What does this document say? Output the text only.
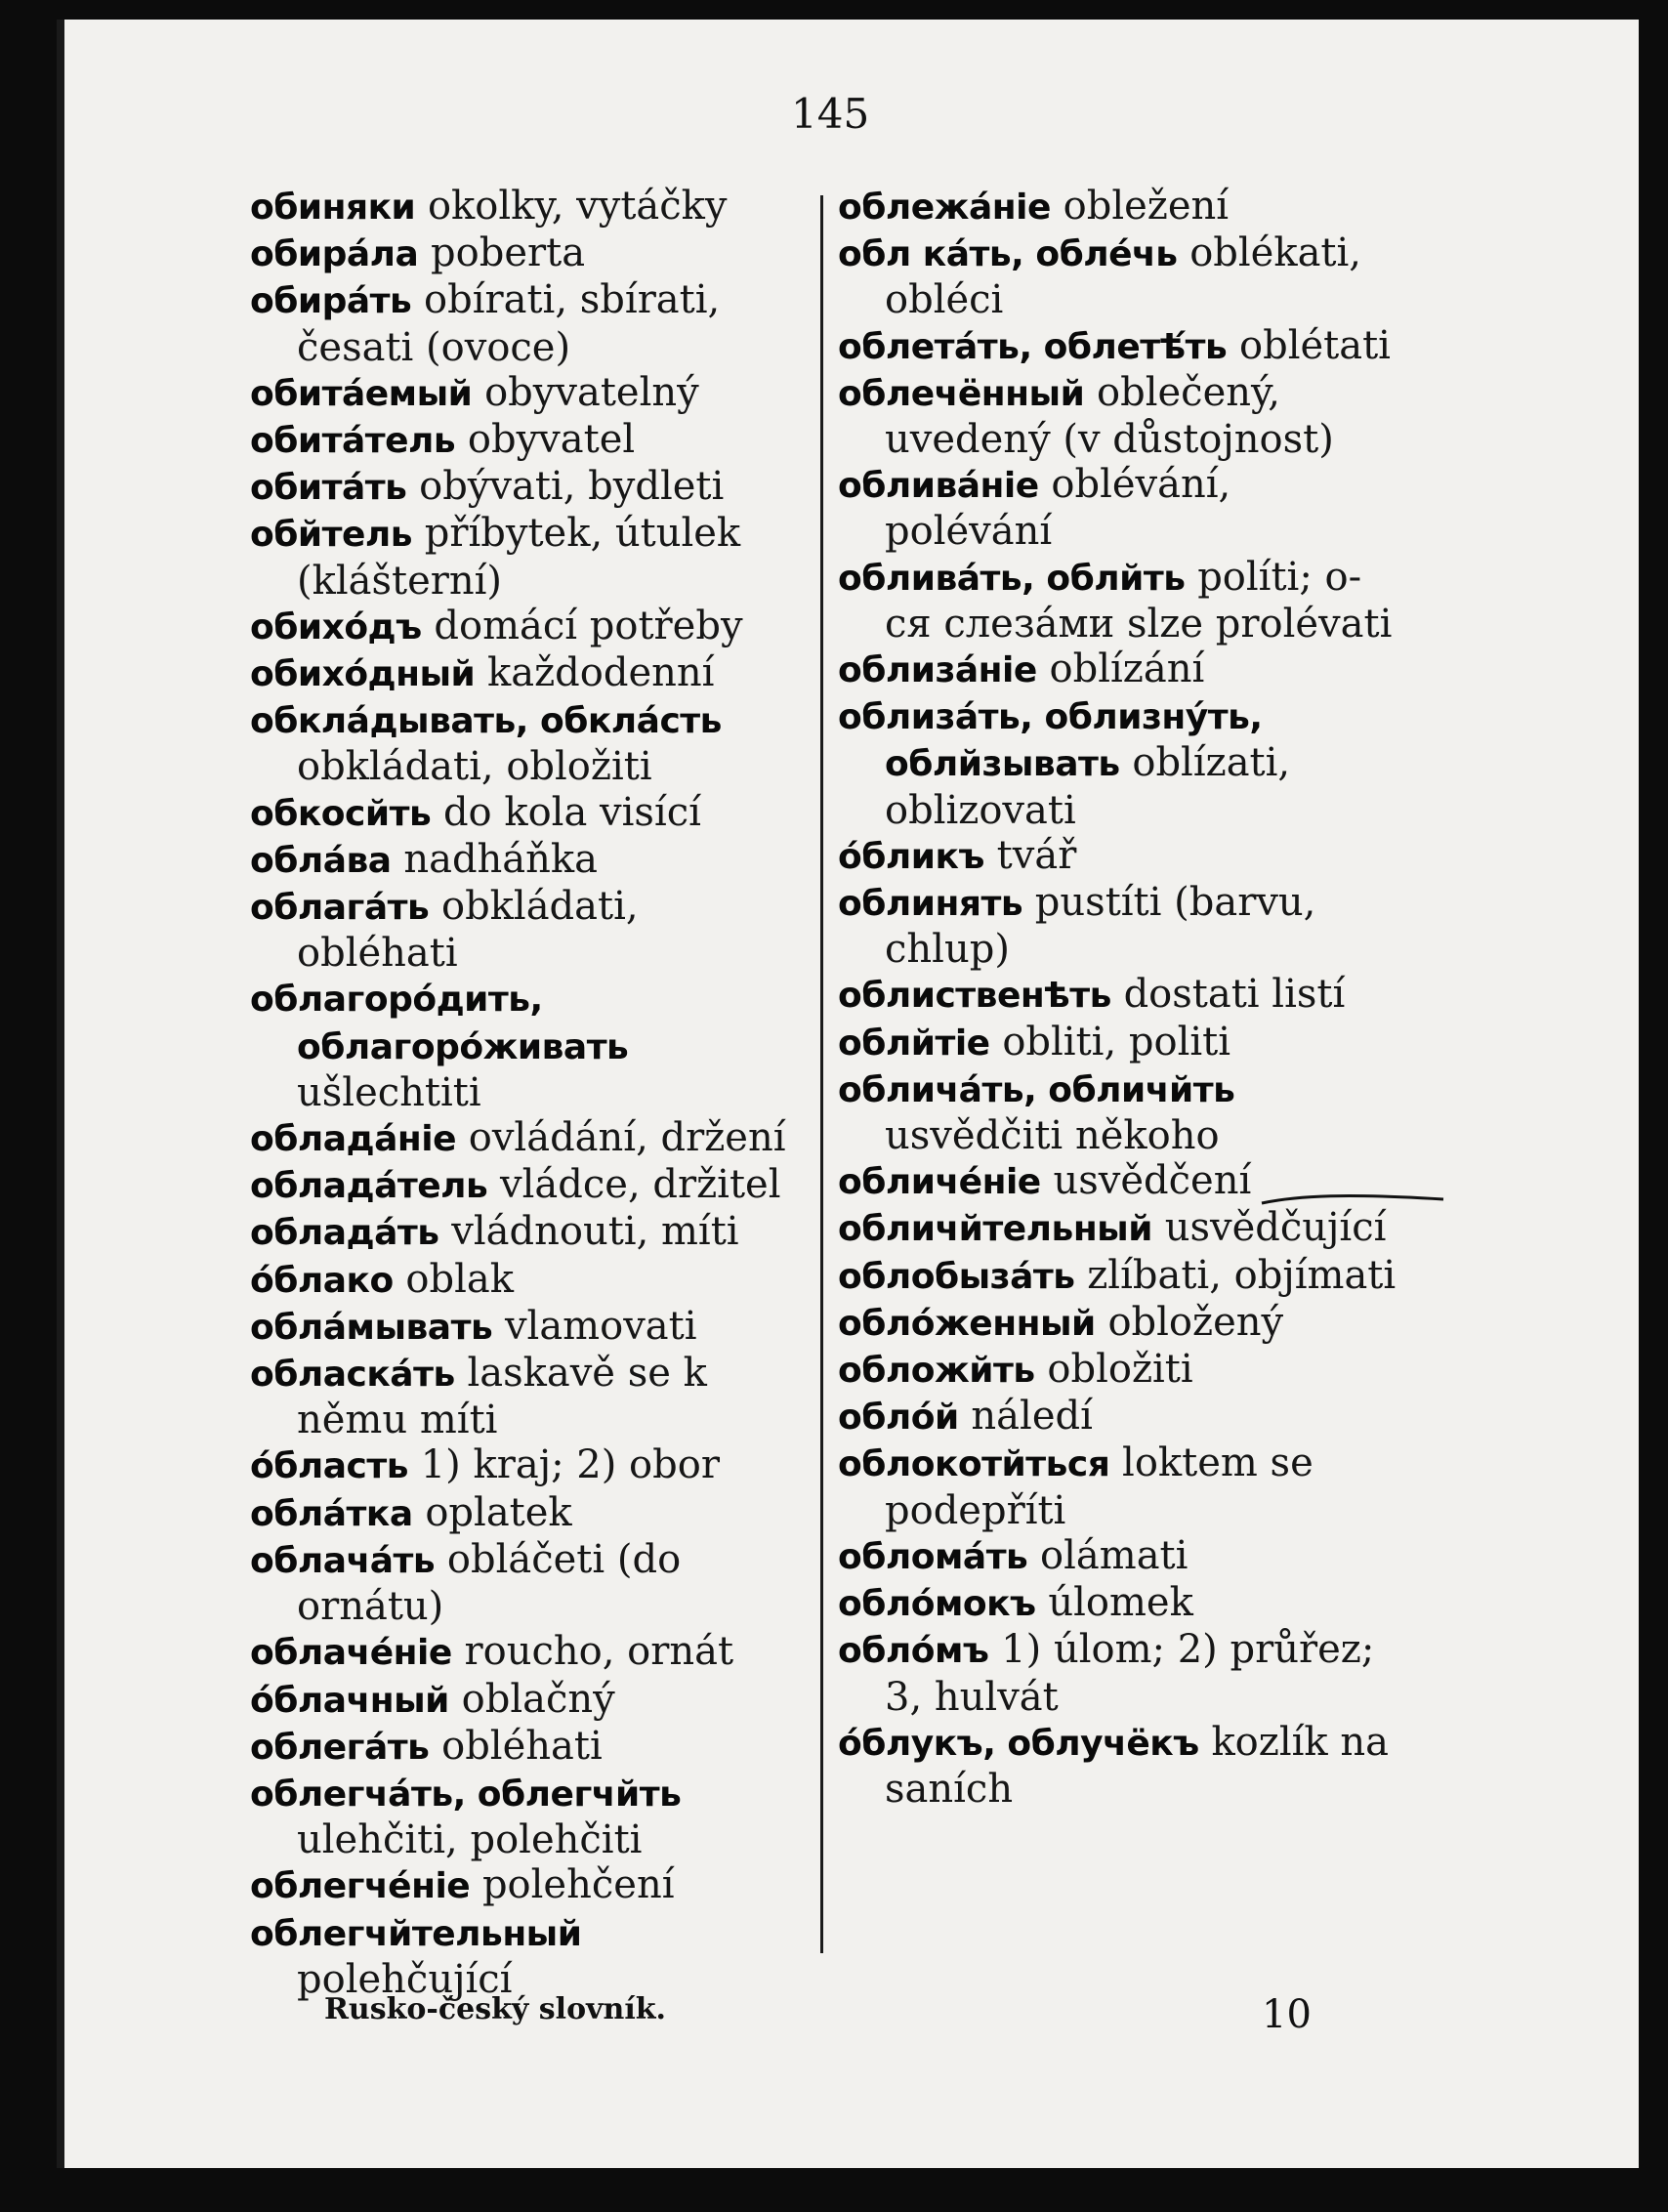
145
обиняки okolky, vytáčky
обирáла poberta
обирáть obírati, sbírati, česati (ovoce)
обитáемый obyvatelný
обитáтель obyvatel
обитáть obývati, bydleti
обйтель příbytek, útulek (klášterní)
обихóдъ domácí potřeby
обихóдный každodenní
обклáдывать, обклáсть obkládati, obložiti
обкосйть do kola visící
облáва nadháňka
облагáть obkládati, obléhati
облагорóдить, облагорóживать ušlechtiti
обладáніе ovládání, držení
обладáтель vládce, držitel
обладáть vládnouti, míti
óблако oblak
облáмывать vlamovati
обласкáть laskavě se k němu míti
óбласть 1) kraj; 2) obor
облáтка oplatek
облачáть obláčeti (do ornátu)
облачéніе roucho, ornát
óблачный oblačný
облегáть obléhati
облегчáть, облегчйть ulehčiti, polehčiti
облегчéніе polehčení
облегчйтельный polehčující
облежáніе obležení
обл кáть, облéчь oblékati, obléci
облетáть, облетѣ́ть oblétati
облечённый oblečený, uvedený (v důstojnost)
обливáніе oblévání, polévání
обливáть, облйть políti; о-ся слезáми slze prolévati
облизáніе oblízání
облизáть, облизнýть, облйзывать oblízati, oblizovati
óбликъ tvář
облинять pustíti (barvu, chlup)
облиственѣть dostati listí
облйтіе obliti, politi
обличáть, обличйть usvědčiti někoho
обличéніе usvědčení
обличйтельный usvědčující
облобызáть zlíbati, objímati
облóженный obložený
обложйть obložiti
облóй náledí
облокотйться loktem se podepříti
обломáть olámati
облóмокъ úlomek
облóмъ 1) úlom; 2) průřez; 3, hulvát
óблукъ, облучёкъ kozlík na saních
Rusko-český slovník.	10
